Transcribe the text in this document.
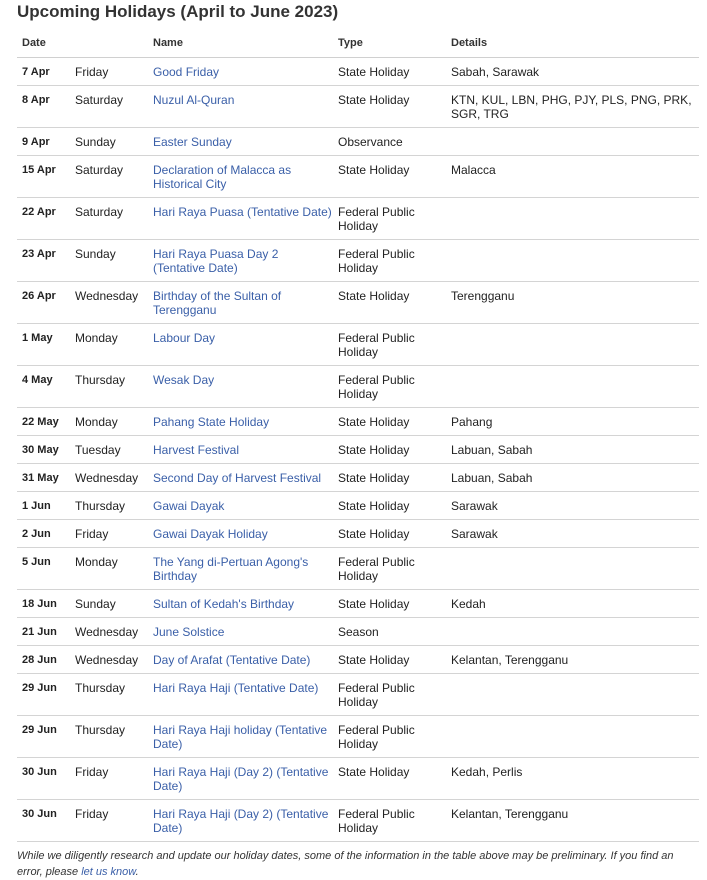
Upcoming Holidays (April to June 2023)
Date		Name	Type	Details
7 Apr	Friday	Good Friday	State Holiday	Sabah, Sarawak
8 Apr	Saturday	Nuzul Al-Quran	State Holiday	KTN, KUL, LBN, PHG, PJY, PLS, PNG, PRK, SGR, TRG
9 Apr	Sunday	Easter Sunday	Observance	
15 Apr	Saturday	Declaration of Malacca as Historical City	State Holiday	Malacca
22 Apr	Saturday	Hari Raya Puasa (Tentative Date)	Federal Public Holiday	
23 Apr	Sunday	Hari Raya Puasa Day 2 (Tentative Date)	Federal Public Holiday	
26 Apr	Wednesday	Birthday of the Sultan of Terengganu	State Holiday	Terengganu
1 May	Monday	Labour Day	Federal Public Holiday	
4 May	Thursday	Wesak Day	Federal Public Holiday	
22 May	Monday	Pahang State Holiday	State Holiday	Pahang
30 May	Tuesday	Harvest Festival	State Holiday	Labuan, Sabah
31 May	Wednesday	Second Day of Harvest Festival	State Holiday	Labuan, Sabah
1 Jun	Thursday	Gawai Dayak	State Holiday	Sarawak
2 Jun	Friday	Gawai Dayak Holiday	State Holiday	Sarawak
5 Jun	Monday	The Yang di-Pertuan Agong's Birthday	Federal Public Holiday	
18 Jun	Sunday	Sultan of Kedah's Birthday	State Holiday	Kedah
21 Jun	Wednesday	June Solstice	Season	
28 Jun	Wednesday	Day of Arafat (Tentative Date)	State Holiday	Kelantan, Terengganu
29 Jun	Thursday	Hari Raya Haji (Tentative Date)	Federal Public Holiday	
29 Jun	Thursday	Hari Raya Haji holiday (Tentative Date)	Federal Public Holiday	
30 Jun	Friday	Hari Raya Haji (Day 2) (Tentative Date)	State Holiday	Kedah, Perlis
30 Jun	Friday	Hari Raya Haji (Day 2) (Tentative Date)	Federal Public Holiday	Kelantan, Terengganu

While we diligently research and update our holiday dates, some of the information in the table above may be preliminary. If you find an error, please let us know.
